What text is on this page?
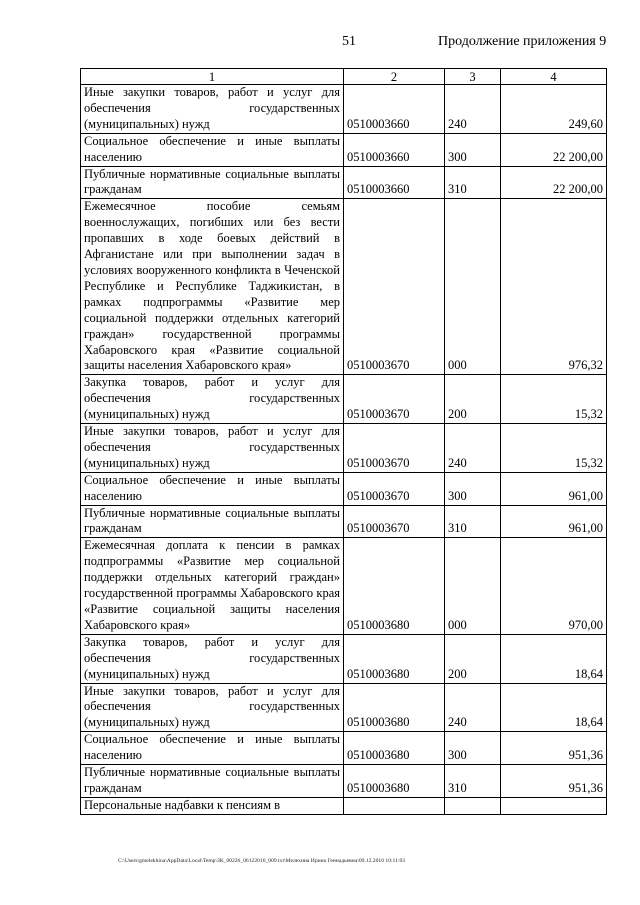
51	Продолжение приложения 9
1	2	3	4
Иные закупки товаров, работ и услуг для обеспечения государственных (муниципальных) нужд	0510003660	240	249,60
Социальное обеспечение и иные выплаты населению	0510003660	300	22 200,00
Публичные нормативные социальные выплаты гражданам	0510003660	310	22 200,00
Ежемесячное пособие семьям военнослужащих, погибших или без вести пропавших в ходе боевых действий в Афганистане или при выполнении задач в условиях вооруженного конфликта в Чеченской Республике и Республике Таджикистан, в рамках подпрограммы «Развитие мер социальной поддержки отдельных категорий граждан» государственной программы Хабаровского края «Развитие социальной защиты населения Хабаровского края»	0510003670	000	976,32
Закупка товаров, работ и услуг для обеспечения государственных (муниципальных) нужд	0510003670	200	15,32
Иные закупки товаров, работ и услуг для обеспечения государственных (муниципальных) нужд	0510003670	240	15,32
Социальное обеспечение и иные выплаты населению	0510003670	300	961,00
Публичные нормативные социальные выплаты гражданам	0510003670	310	961,00
Ежемесячная доплата к пенсии в рамках подпрограммы «Развитие мер социальной поддержки отдельных категорий граждан» государственной программы Хабаровского края «Развитие социальной защиты населения Хабаровского края»	0510003680	000	970,00
Закупка товаров, работ и услуг для обеспечения государственных (муниципальных) нужд	0510003680	200	18,64
Иные закупки товаров, работ и услуг для обеспечения государственных (муниципальных) нужд	0510003680	240	18,64
Социальное обеспечение и иные выплаты населению	0510003680	300	951,36
Публичные нормативные социальные выплаты гражданам	0510003680	310	951,36
Персональные надбавки к пенсиям в			
C:\Users\gmelekhina\AppData\Local\Temp\ЗК_00226_06122016_009.txt\Мелехина Ирина Геннадьевна\09.12.2016 10:11:03
